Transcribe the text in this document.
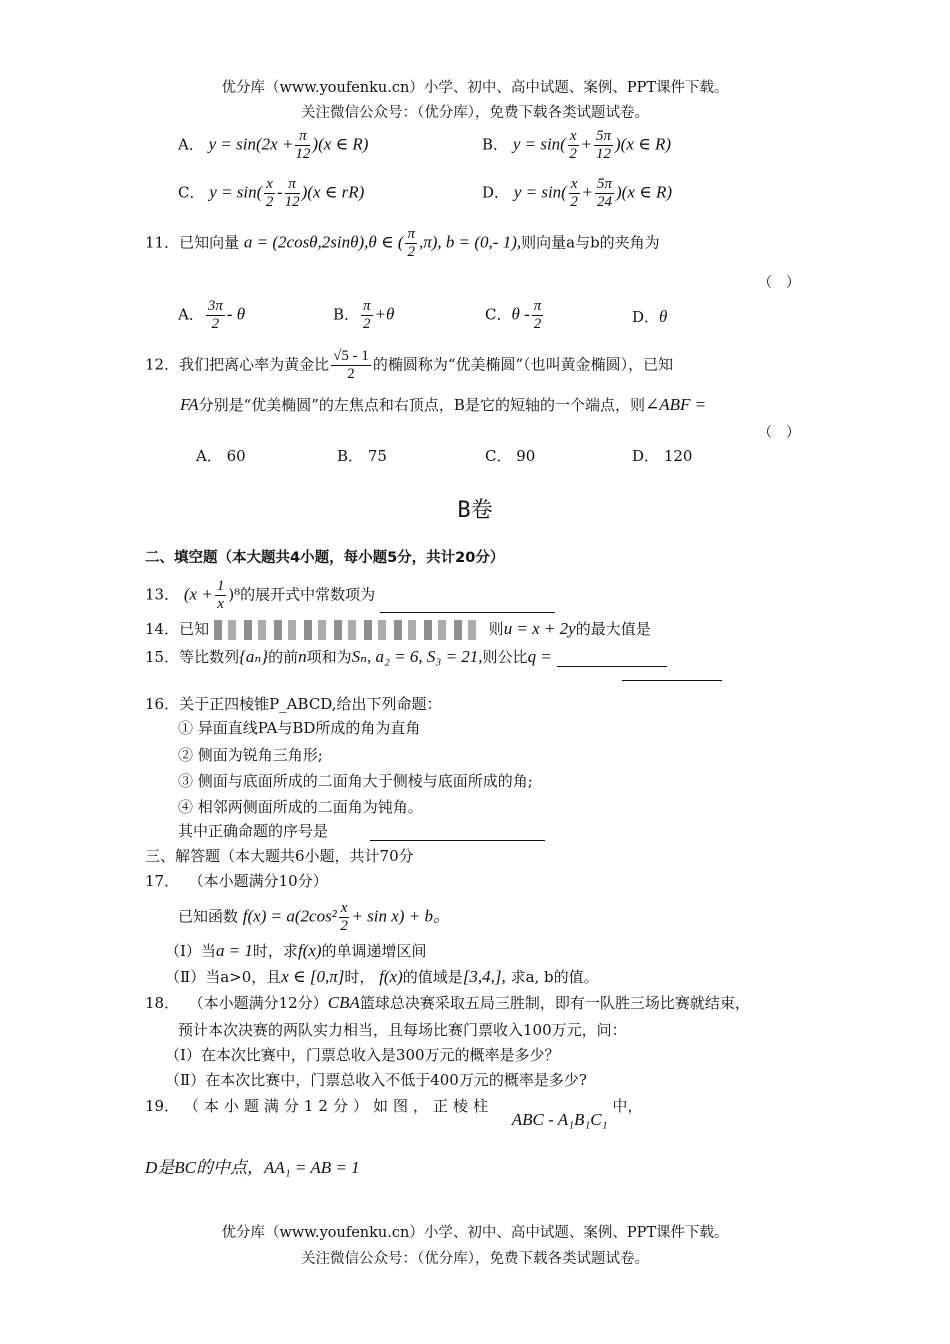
优分库（www.youfenku.cn）小学、初中、高中试题、案例、PPT课件下载。
关注微信公众号：（优分库），免费下载各类试题试卷。
A． $y = \sin(2x + \frac{\pi}{12} )(x$ ∈ R)	B． $y = \sin( \frac{x}{2} + \frac{5\pi}{12} )(x$ ∈ R)
C． $y = \sin( \frac{x}{2} - \frac{\pi}{12} )(x$ ∈ rR)	D． $y = \sin( \frac{x}{2} + \frac{5\pi}{24} )(x$ ∈ R)
11．已知向量 a = (2cosθ,2sinθ),θ ∈ ( $\frac{\pi}{2} ,\pi$), b = (0,- 1),则向量a与b的夹角为
（　）
A． $\frac{3\pi}{2}$ - θ	B． $\frac{\pi}{2} +\theta$	C．θ - $\frac{\pi}{2}$	D．θ
12．我们把离心率为黄金比 $\frac{√5 - 1}{2}$ 的椭圆称为“优美椭圆”（也叫黄金椭圆），已知
FA分别是“优美椭圆”的左焦点和右顶点，B是它的短轴的一个端点，则∠ABF =
（　）
A． 60	B． 75	C． 90	D． 120
B卷
二、填空题（本大题共4小题，每小题5分，共计20分）
13． $(x + \frac{1}{x} )^8$的展开式中常数项为
14．已知	则u = x + 2y的最大值是
15．等比数列{aₙ}的前n项和为Sₙ, a₂ = 6, S₃ = 21,则公比q =
16．关于正四棱锥P_ABCD,给出下列命题：
① 异面直线PA与BD所成的角为直角
② 侧面为锐角三角形;
③ 侧面与底面所成的二面角大于侧棱与底面所成的角;
④ 相邻两侧面所成的二面角为钝角。
其中正确命题的序号是
三、解答题（本大题共6小题，共计70分
17． （本小题满分10分）
已知函数 $f(x) = a(2\cos^2 \frac{x}{2} + \sin x) + b$。
（Ⅰ）当a = 1时，求f(x)的单调递增区间
（Ⅱ）当a>0，且x ∈ [0,π]时， f(x)的值域是[3,4,], 求a, b的值。
18． （本小题满分12分）CBA篮球总决赛采取五局三胜制，即有一队胜三场比赛就结束，
预计本次决赛的两队实力相当，且每场比赛门票收入100万元，问：
（Ⅰ）在本次比赛中，门票总收入是300万元的概率是多少？
（Ⅱ）在本次比赛中，门票总收入不低于400万元的概率是多少?
19． （本小题满分12分）如图，正棱柱 ABC - A₁B₁C₁ 中，
D是BC的中点，AA₁ = AB = 1
优分库（www.youfenku.cn）小学、初中、高中试题、案例、PPT课件下载。
关注微信公众号：（优分库），免费下载各类试题试卷。
